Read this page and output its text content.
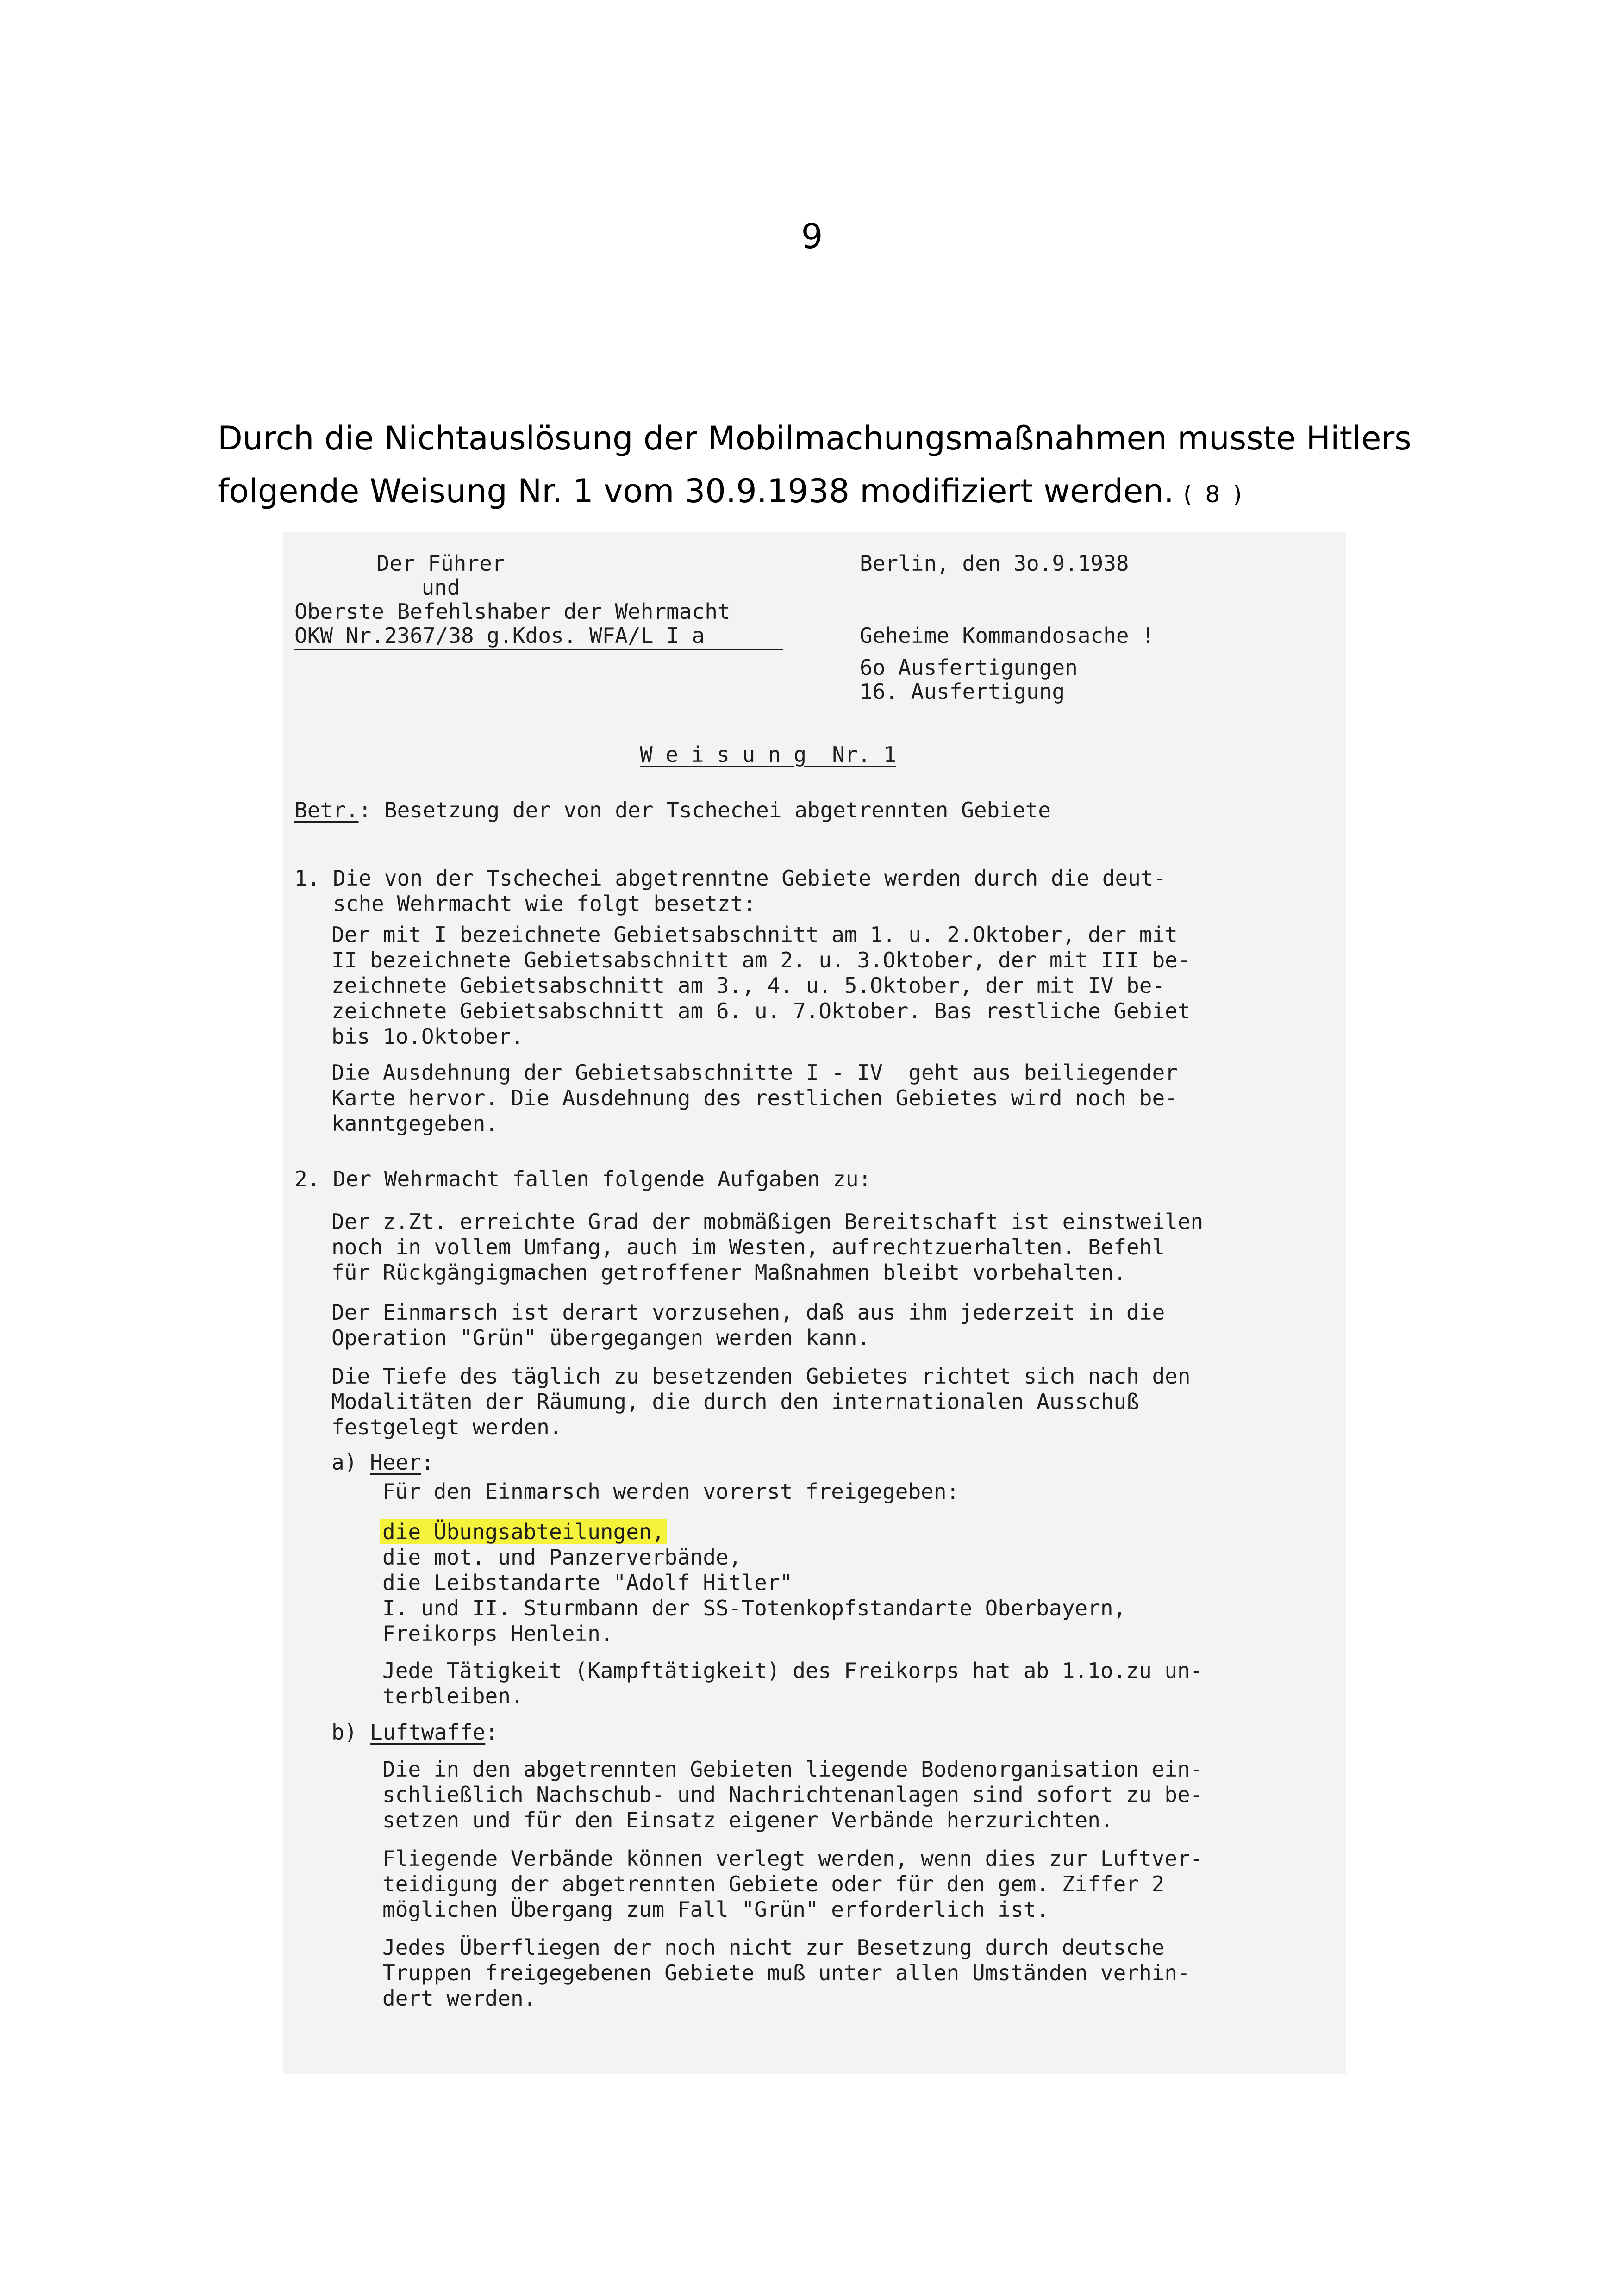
9
Durch die Nichtauslösung der Mobilmachungsmaßnahmen musste Hitlers
folgende Weisung Nr. 1 vom 30.9.1938 modifiziert werden. ( 8 )
Der Führer
und
Oberste Befehlshaber der Wehrmacht
OKW Nr.2367/38 g.Kdos. WFA/L I a
Berlin, den 3o.9.1938
Geheime Kommandosache !
6o Ausfertigungen
16. Ausfertigung
W e i s u n g  Nr. 1
Betr.: Besetzung der von der Tschechei abgetrennten Gebiete
1. Die von der Tschechei abgetrenntne Gebiete werden durch die deut-
sche Wehrmacht wie folgt besetzt:
Der mit I bezeichnete Gebietsabschnitt am 1. u. 2.Oktober, der mit
II bezeichnete Gebietsabschnitt am 2. u. 3.Oktober, der mit III be-
zeichnete Gebietsabschnitt am 3., 4. u. 5.Oktober, der mit IV be-
zeichnete Gebietsabschnitt am 6. u. 7.Oktober. Bas restliche Gebiet
bis 1o.Oktober.
Die Ausdehnung der Gebietsabschnitte I - IV  geht aus beiliegender
Karte hervor. Die Ausdehnung des restlichen Gebietes wird noch be-
kanntgegeben.
2. Der Wehrmacht fallen folgende Aufgaben zu:
Der z.Zt. erreichte Grad der mobmäßigen Bereitschaft ist einstweilen
noch in vollem Umfang, auch im Westen, aufrechtzuerhalten. Befehl
für Rückgängigmachen getroffener Maßnahmen bleibt vorbehalten.
Der Einmarsch ist derart vorzusehen, daß aus ihm jederzeit in die
Operation "Grün" übergegangen werden kann.
Die Tiefe des täglich zu besetzenden Gebietes richtet sich nach den
Modalitäten der Räumung, die durch den internationalen Ausschuß
festgelegt werden.
a) Heer:
Für den Einmarsch werden vorerst freigegeben:
die Übungsabteilungen,
die mot. und Panzerverbände,
die Leibstandarte "Adolf Hitler"
I. und II. Sturmbann der SS-Totenkopfstandarte Oberbayern,
Freikorps Henlein.
Jede Tätigkeit (Kampftätigkeit) des Freikorps hat ab 1.1o.zu un-
terbleiben.
b) Luftwaffe:
Die in den abgetrennten Gebieten liegende Bodenorganisation ein-
schließlich Nachschub- und Nachrichtenanlagen sind sofort zu be-
setzen und für den Einsatz eigener Verbände herzurichten.
Fliegende Verbände können verlegt werden, wenn dies zur Luftver-
teidigung der abgetrennten Gebiete oder für den gem. Ziffer 2
möglichen Übergang zum Fall "Grün" erforderlich ist.
Jedes Überfliegen der noch nicht zur Besetzung durch deutsche
Truppen freigegebenen Gebiete muß unter allen Umständen verhin-
dert werden.
